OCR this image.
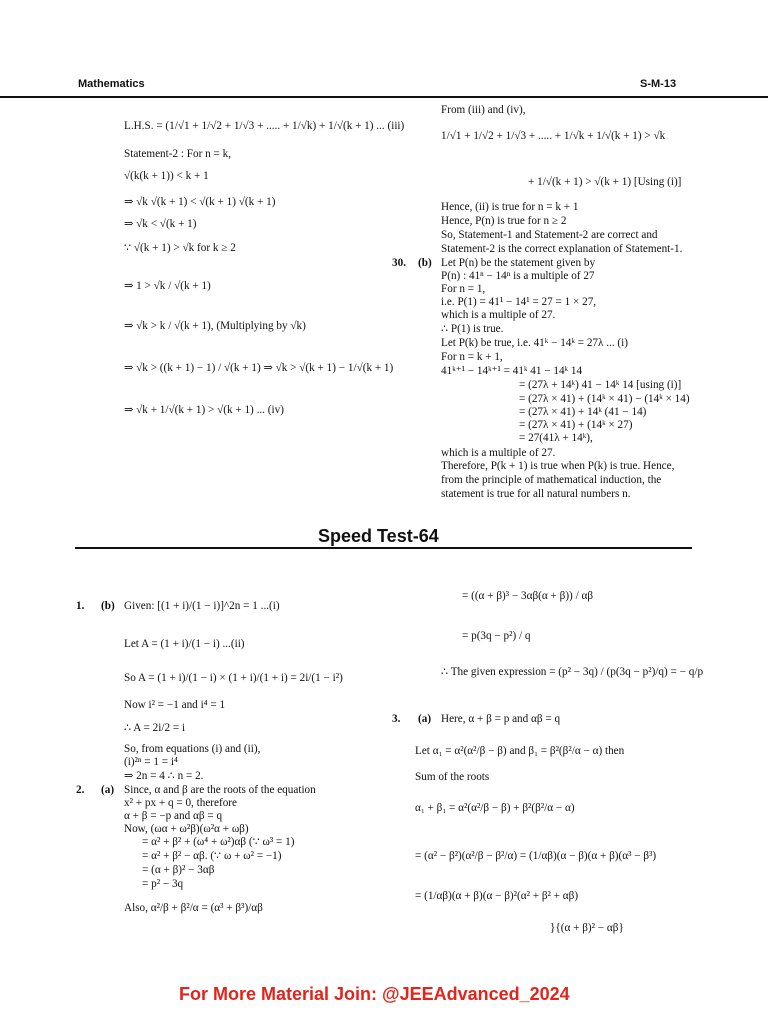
Mathematics	S-M-13
L.H.S. = (1/√1 + 1/√2 + 1/√3 + ..... + 1/√k) + 1/√(k + 1) ... (iii)
Statement-2 : For n = k,
√(k(k + 1)) < k + 1
⇒ √k √(k + 1) < √(k + 1) √(k + 1)
⇒ √k < √(k + 1)
∵ √(k + 1) > √k for k ≥ 2
⇒ 1 > √k / √(k + 1)
⇒ √k > k / √(k + 1), (Multiplying by √k)
⇒ √k > ((k + 1) − 1) / √(k + 1) ⇒ √k > √(k + 1) − 1/√(k + 1)
⇒ √k + 1/√(k + 1) > √(k + 1) ... (iv)
From (iii) and (iv),
1/√1 + 1/√2 + 1/√3 + ..... + 1/√k + 1/√(k + 1) > √k
+ 1/√(k + 1) > √(k + 1) [Using (i)]
Hence, (ii) is true for n = k + 1
Hence, P(n) is true for n ≥ 2
So, Statement-1 and Statement-2 are correct and
Statement-2 is the correct explanation of Statement-1.
30. (b) Let P(n) be the statement given by
P(n) : 41ⁿ − 14ⁿ is a multiple of 27
For n = 1,
i.e. P(1) = 41¹ − 14¹ = 27 = 1 × 27,
which is a multiple of 27.
∴ P(1) is true.
Let P(k) be true, i.e. 41ᵏ − 14ᵏ = 27λ ... (i)
For n = k + 1,
41ᵏ⁺¹ − 14ᵏ⁺¹ = 41ᵏ 41 − 14ᵏ 14
= (27λ + 14ᵏ) 41 − 14ᵏ 14 [using (i)]
= (27λ × 41) + (14ᵏ × 41) − (14ᵏ × 14)
= (27λ × 41) + 14ᵏ (41 − 14)
= (27λ × 41) + (14ᵏ × 27)
= 27(41λ + 14ᵏ),
which is a multiple of 27.
Therefore, P(k + 1) is true when P(k) is true. Hence,
from the principle of mathematical induction, the
statement is true for all natural numbers n.
Speed Test-64
1. (b) Given: [(1 + i)/(1 − i)]^2n = 1 ...(i)
Let A = (1 + i)/(1 − i) ...(ii)
So A = (1 + i)/(1 − i) × (1 + i)/(1 + i) = 2i/(1 − i²)
Now i² = −1 and i⁴ = 1
∴ A = 2i/2 = i
So, from equations (i) and (ii),
(i)²ⁿ = 1 = i⁴
⇒ 2n = 4 ∴ n = 2.
2. (a) Since, α and β are the roots of the equation
x² + px + q = 0, therefore
α + β = −p and αβ = q
Now, (ωα + ω²β)(ω²α + ωβ)
= α² + β² + (ω⁴ + ω²)αβ (∵ ω³ = 1)
= α² + β² − αβ. (∵ ω + ω² = −1)
= (α + β)² − 3αβ
= p² − 3q
Also, α²/β + β²/α = (α³ + β³)/αβ
= ((α + β)³ − 3αβ(α + β)) / αβ
= p(3q − p²) / q
∴ The given expression = (p² − 3q) / (p(3q − p²)/q) = − q/p
3. (a) Here, α + β = p and αβ = q
Let α₁ = α²(α²/β − β) and β₁ = β²(β²/α − α) then
Sum of the roots
α₁ + β₁ = α²(α²/β − β) + β²(β²/α − α)
= (α² − β²)(α²/β − β²/α) = (1/αβ)(α − β)(α + β)(α³ − β³)
= (1/αβ)(α + β)(α − β)²(α² + β² + αβ)
}{(α + β)² − αβ}
For More Material Join: @JEEAdvanced_2024
